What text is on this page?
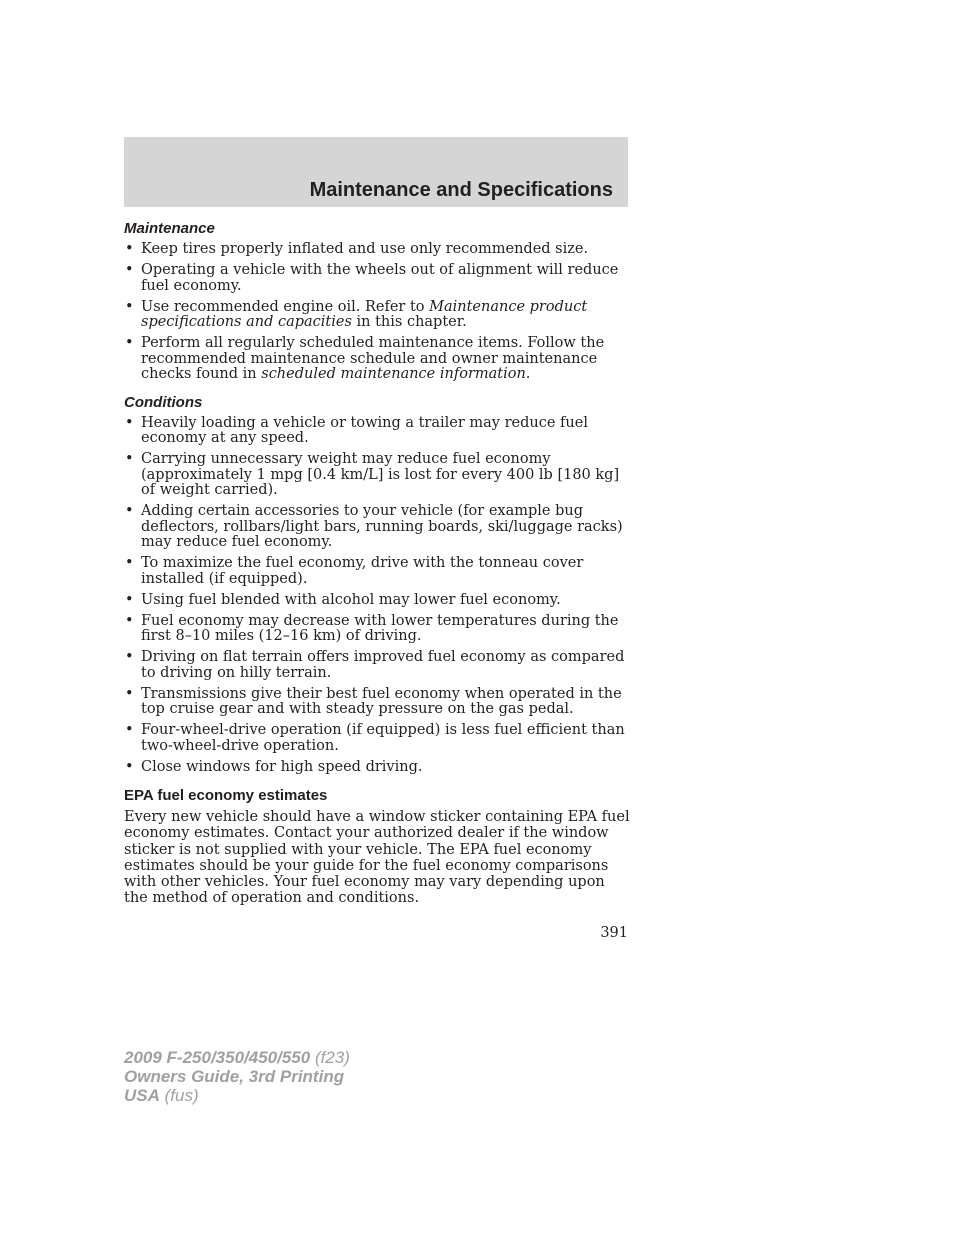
Maintenance and Specifications
Maintenance
• Keep tires properly inflated and use only recommended size.
• Operating a vehicle with the wheels out of alignment will reduce fuel economy.
• Use recommended engine oil. Refer to Maintenance product specifications and capacities in this chapter.
• Perform all regularly scheduled maintenance items. Follow the recommended maintenance schedule and owner maintenance checks found in scheduled maintenance information.
Conditions
• Heavily loading a vehicle or towing a trailer may reduce fuel economy at any speed.
• Carrying unnecessary weight may reduce fuel economy (approximately 1 mpg [0.4 km/L] is lost for every 400 lb [180 kg] of weight carried).
• Adding certain accessories to your vehicle (for example bug deflectors, rollbars/light bars, running boards, ski/luggage racks) may reduce fuel economy.
• To maximize the fuel economy, drive with the tonneau cover installed (if equipped).
• Using fuel blended with alcohol may lower fuel economy.
• Fuel economy may decrease with lower temperatures during the first 8–10 miles (12–16 km) of driving.
• Driving on flat terrain offers improved fuel economy as compared to driving on hilly terrain.
• Transmissions give their best fuel economy when operated in the top cruise gear and with steady pressure on the gas pedal.
• Four-wheel-drive operation (if equipped) is less fuel efficient than two-wheel-drive operation.
• Close windows for high speed driving.
EPA fuel economy estimates

Every new vehicle should have a window sticker containing EPA fuel economy estimates. Contact your authorized dealer if the window sticker is not supplied with your vehicle. The EPA fuel economy estimates should be your guide for the fuel economy comparisons with other vehicles. Your fuel economy may vary depending upon the method of operation and conditions.

391
2009 F-250/350/450/550 (f23)
Owners Guide, 3rd Printing
USA (fus)
